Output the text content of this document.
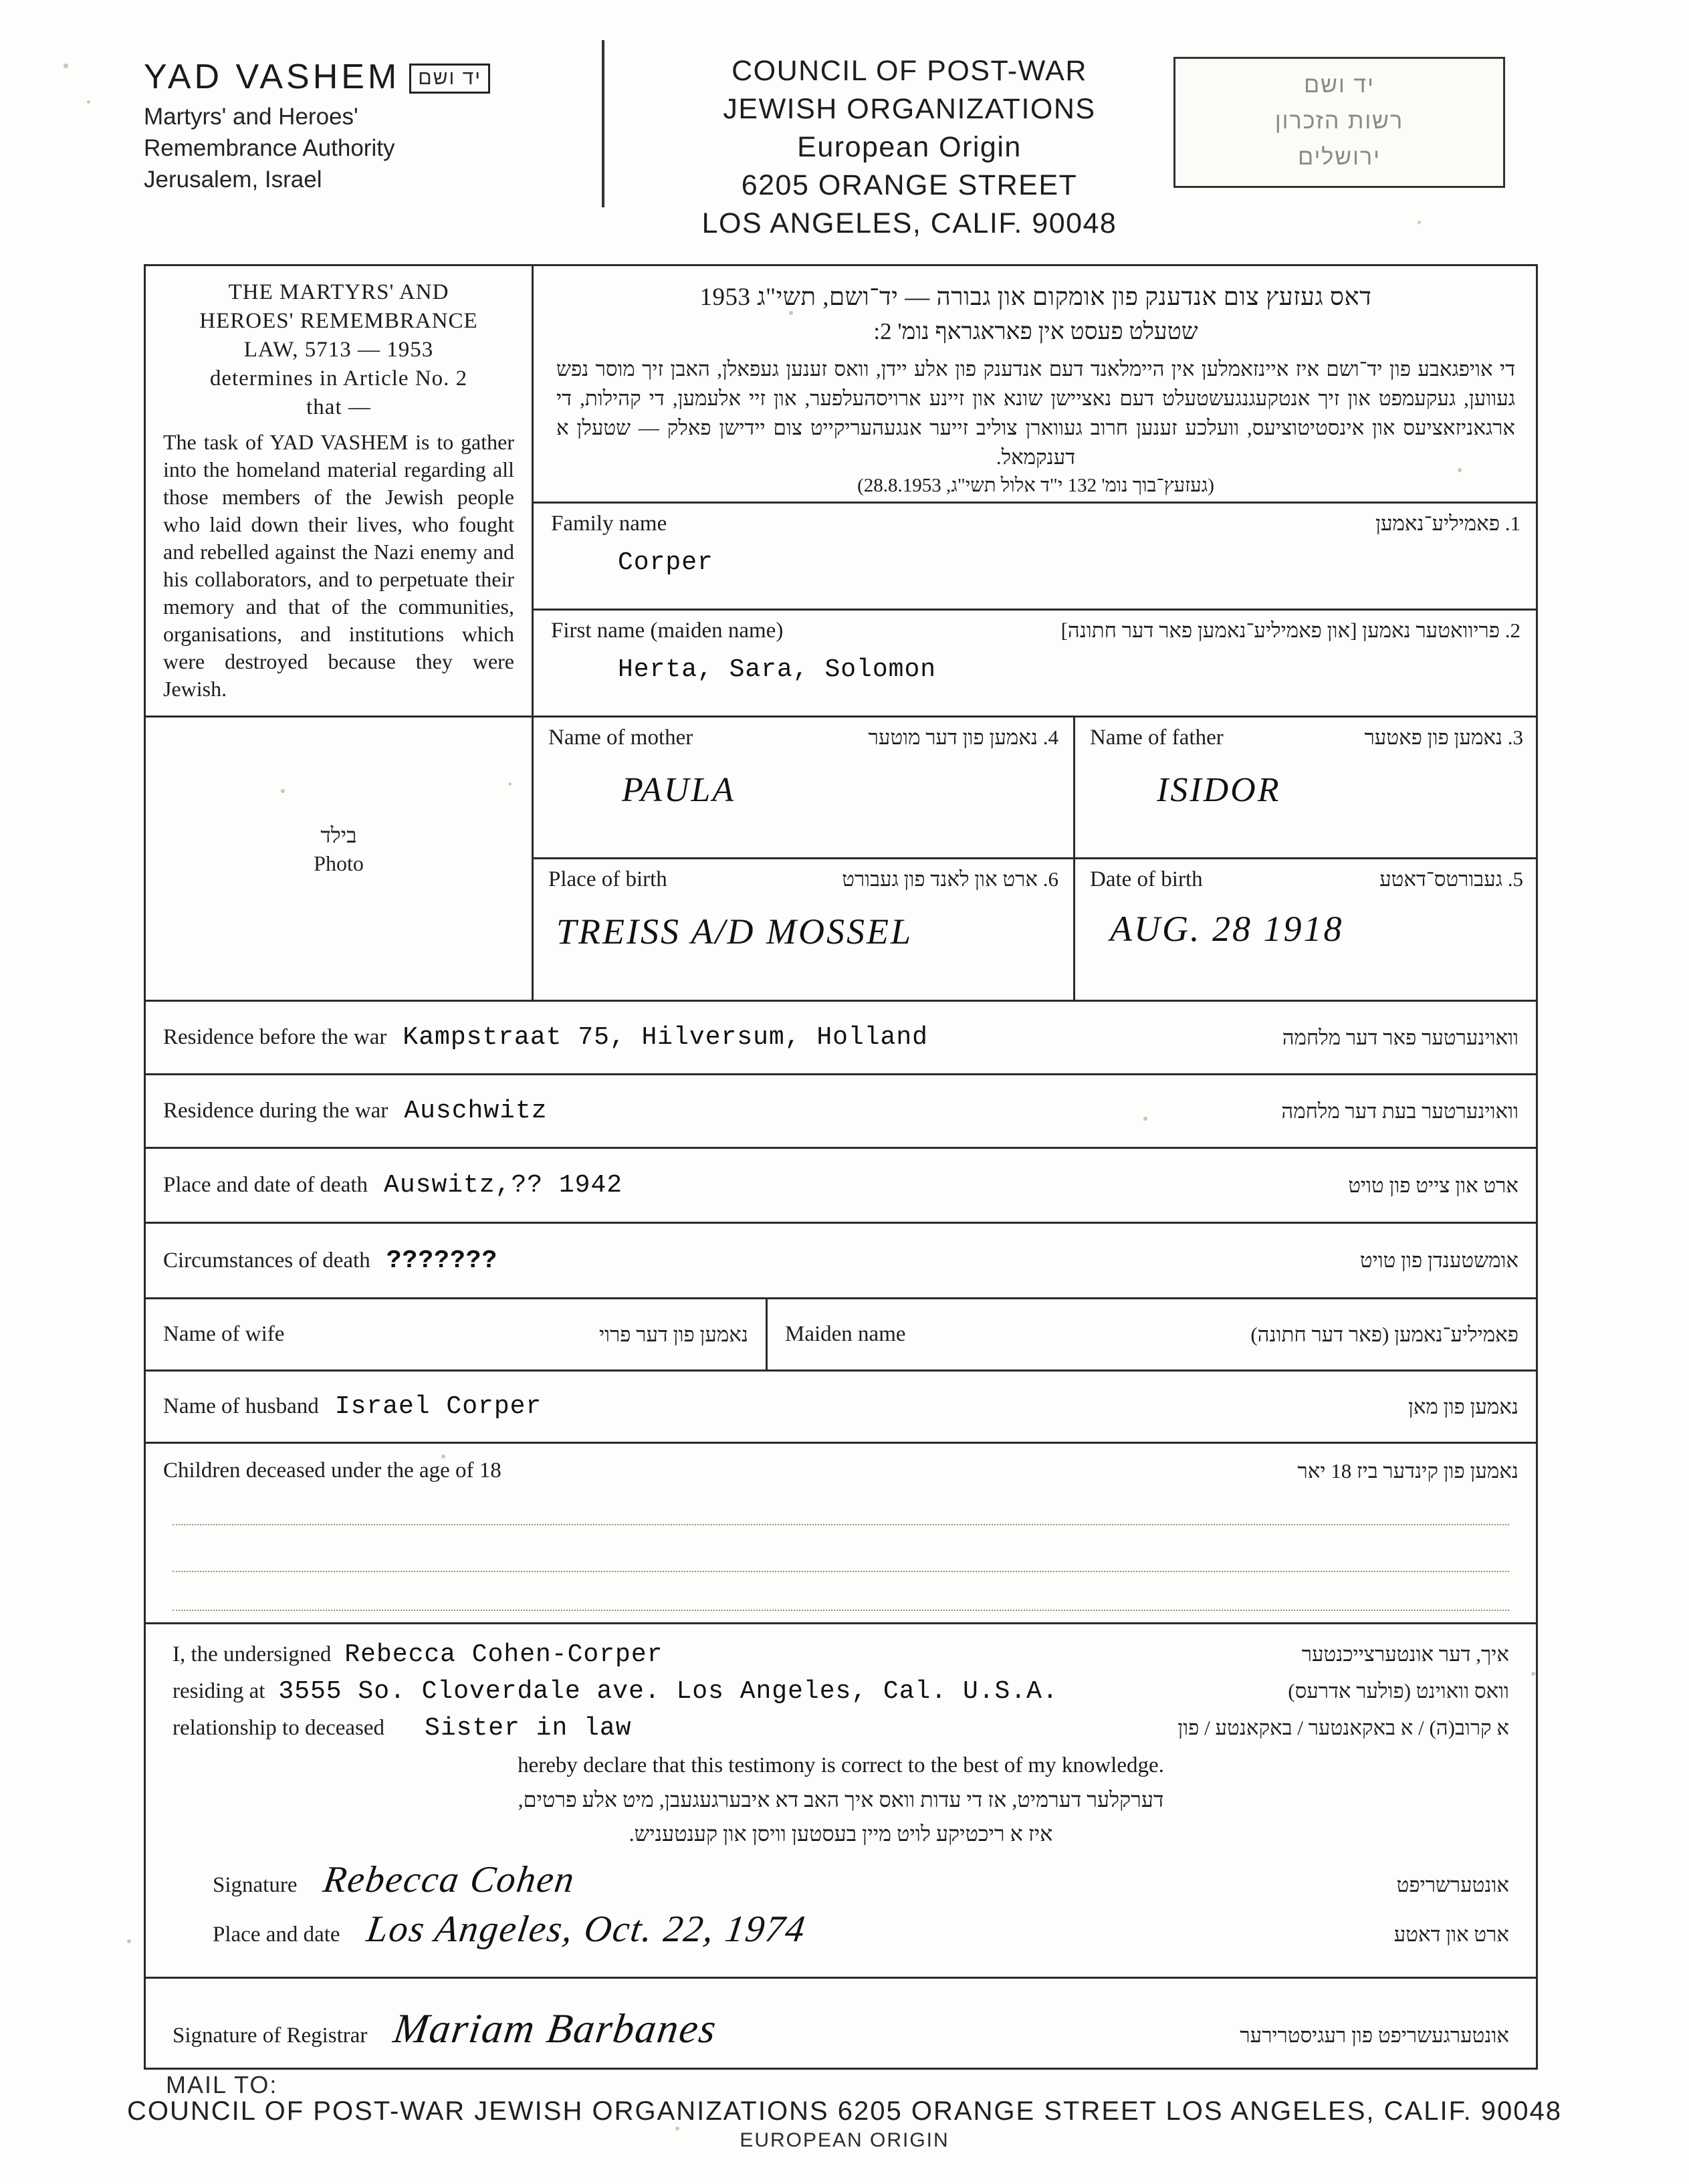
YAD VASHEM יד ושם
Martyrs' and Heroes'
Remembrance Authority
Jerusalem, Israel
COUNCIL OF POST-WAR
JEWISH ORGANIZATIONS
European Origin
6205 ORANGE STREET
LOS ANGELES, CALIF. 90048
יד ושם
רשות הזכרון
ירושלים
THE MARTYRS' AND
HEROES' REMEMBRANCE
LAW, 5713 — 1953
determines in Article No. 2
that —
The task of YAD VASHEM is to gather into the homeland material regarding all those members of the Jewish people who laid down their lives, who fought and rebelled against the Nazi enemy and his collaborators, and to perpetuate their memory and that of the communities, organisations, and institutions which were destroyed because they were Jewish.
בילד
Photo
דאס געזעץ צום אנדענק פון אומקום און גבורה — יד־ושם, תשי"ג 1953
שטעלט פעסט אין פאראגראף נומ' 2:
די אויפגאבע פון יד־ושם איז איינזאמלען אין היימלאנד דעם אנדענק פון אלע יידן, וואס זענען געפאלן, האבן זיך מוסר נפש געווען, געקעמפט און זיך אנטקעגנגעשטעלט דעם נאציישן שונא און זיינע ארויסהעלפער, און זיי אלעמען, די קהילות, די ארגאניזאציעס און אינסטיטוציעס, וועלכע זענען חרוב געווארן צוליב זייער אנגעהעריקייט צום יידישן פאלק — שטעלן א דענקמאל.
(געזעץ־בוך נומ' 132 י"ד אלול תשי"ג, 28.8.1953)
Family name	1. פאמיליע־נאמען
Corper
First name (maiden name)	2. פריוואטער נאמען [און פאמיליע־נאמען פאר דער חתונה]
Herta, Sara, Solomon
Name of mother	4. נאמען פון דער מוטער
PAULA
Name of father	3. נאמען פון פאטער
ISIDOR
Place of birth	6. ארט און לאנד פון געבורט
TREISS A/D MOSSEL
Date of birth	5. געבורטס־דאטע
AUG. 28 1918
Residence before the war Kampstraat 75, Hilversum, Holland	וואוינערטער פאר דער מלחמה
Residence during the war Auschwitz	וואוינערטער בעת דער מלחמה
Place and date of death Auswitz,?? 1942	ארט און צייט פון טויט
Circumstances of death ???????	אומשטענדן פון טויט
Name of wife	נאמען פון דער פרוי Maiden name	פאמיליע־נאמען (פאר דער חתונה)
Name of husband Israel Corper	נאמען פון מאן
Children deceased under the age of 18	נאמען פון קינדער ביז 18 יאר
I, the undersigned Rebecca Cohen-Corper	איך, דער אונטערצייכנטער
residing at 3555 So. Cloverdale ave. Los Angeles, Cal. U.S.A.	וואס וואוינט (פולער אדרעס)
relationship to deceased Sister in law	א קרוב(ה) / א באקאנטער / באקאנטע / פון
hereby declare that this testimony is correct to the best of my knowledge.
דערקלער דערמיט, אז די עדות וואס איך האב דא איבערגעגעבן, מיט אלע פרטים,
איז א ריכטיקע לויט מיין בעסטען וויסן און קענטעניש.
Signature Rebecca Cohen	אונטערשריפט
Place and date Los Angeles, Oct. 22, 1974	ארט און דאטע
Signature of Registrar Mariam Barbanes	אונטערגעשריפט פון רעגיסטרירער
MAIL TO:
COUNCIL OF POST-WAR JEWISH ORGANIZATIONS 6205 ORANGE STREET LOS ANGELES, CALIF. 90048
EUROPEAN ORIGIN
